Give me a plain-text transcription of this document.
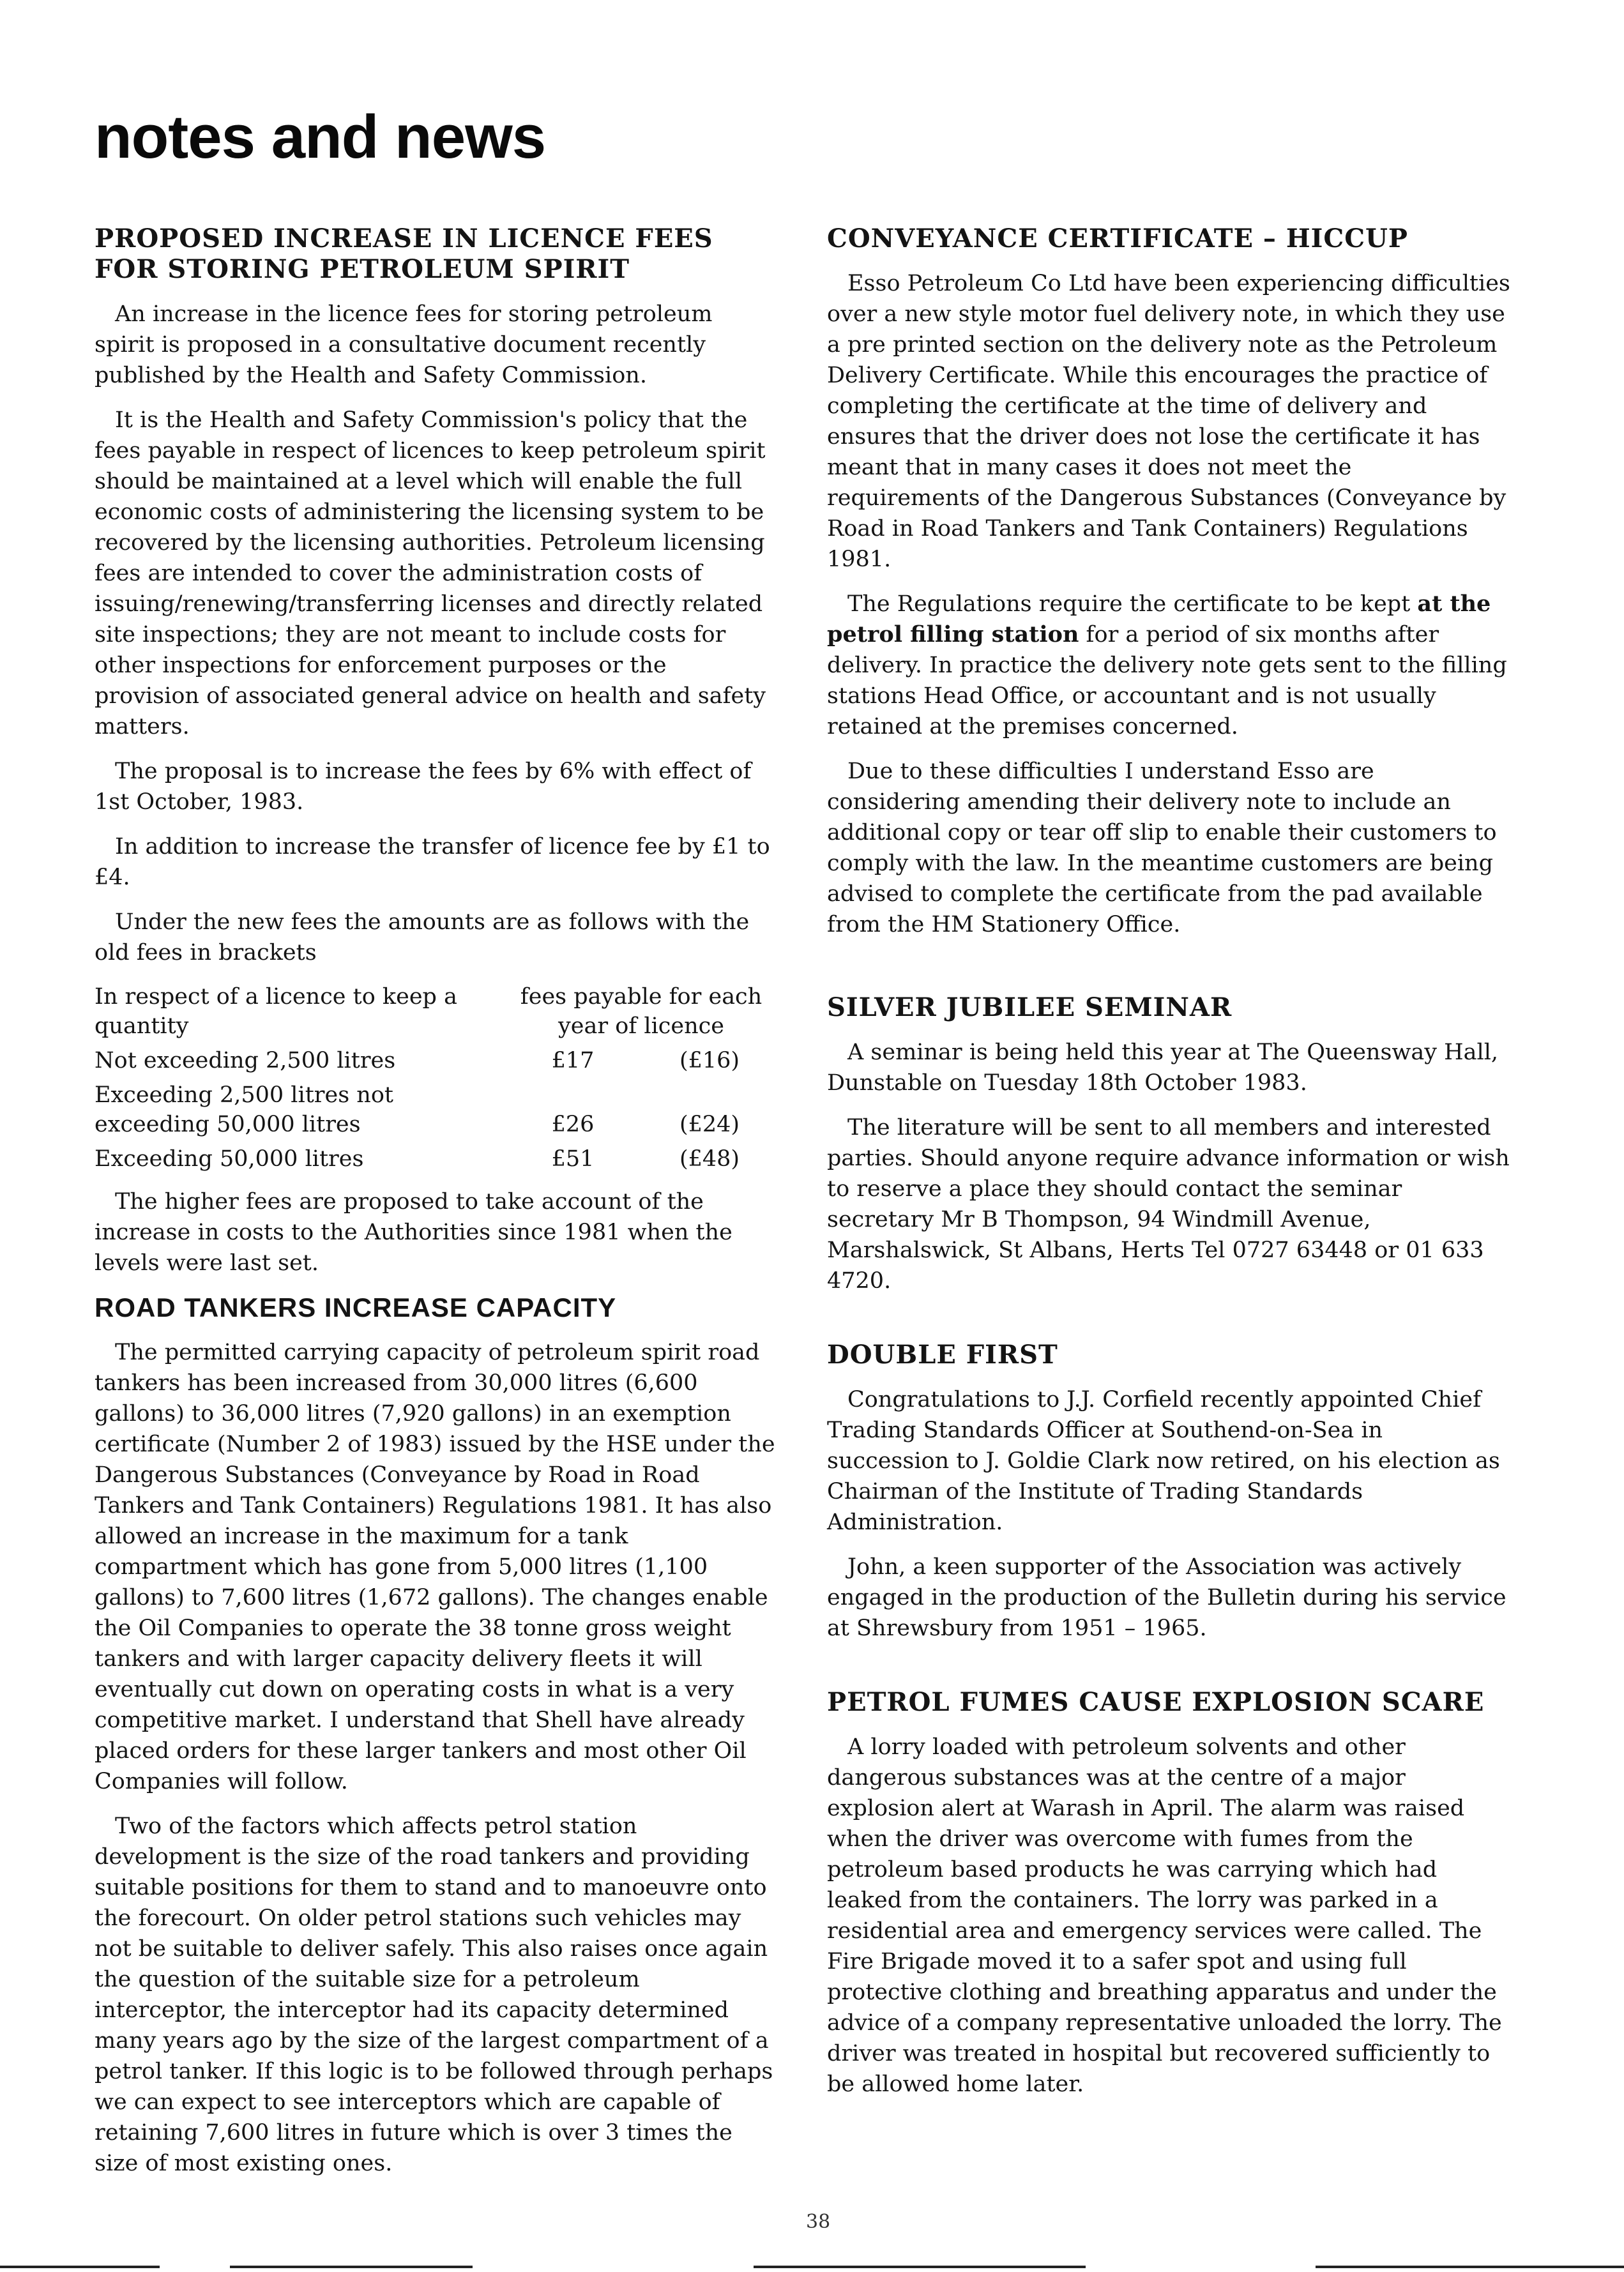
notes and news
PROPOSED INCREASE IN LICENCE FEES FOR STORING PETROLEUM SPIRIT

An increase in the licence fees for storing petroleum spirit is proposed in a consultative document recently published by the Health and Safety Commission.

It is the Health and Safety Commission's policy that the fees payable in respect of licences to keep petroleum spirit should be maintained at a level which will enable the full economic costs of administering the licensing system to be recovered by the licensing authorities. Petroleum licensing fees are intended to cover the administration costs of issuing/renewing/transferring licenses and directly related site inspections; they are not meant to include costs for other inspections for enforcement purposes or the provision of associated general advice on health and safety matters.

The proposal is to increase the fees by 6% with effect of 1st October, 1983.

In addition to increase the transfer of licence fee by £1 to £4.

Under the new fees the amounts are as follows with the old fees in brackets

In respect of a licence to keep a quantity	fees payable for each year of licence	
Not exceeding 2,500 litres	£17	(£16)
Exceeding 2,500 litres not exceeding 50,000 litres	£26	(£24)
Exceeding 50,000 litres	£51	(£48)

The higher fees are proposed to take account of the increase in costs to the Authorities since 1981 when the levels were last set.

ROAD TANKERS INCREASE CAPACITY

The permitted carrying capacity of petroleum spirit road tankers has been increased from 30,000 litres (6,600 gallons) to 36,000 litres (7,920 gallons) in an exemption certificate (Number 2 of 1983) issued by the HSE under the Dangerous Substances (Conveyance by Road in Road Tankers and Tank Containers) Regulations 1981. It has also allowed an increase in the maximum for a tank compartment which has gone from 5,000 litres (1,100 gallons) to 7,600 litres (1,672 gallons). The changes enable the Oil Companies to operate the 38 tonne gross weight tankers and with larger capacity delivery fleets it will eventually cut down on operating costs in what is a very competitive market. I understand that Shell have already placed orders for these larger tankers and most other Oil Companies will follow.

Two of the factors which affects petrol station development is the size of the road tankers and providing suitable positions for them to stand and to manoeuvre onto the forecourt. On older petrol stations such vehicles may not be suitable to deliver safely. This also raises once again the question of the suitable size for a petroleum interceptor, the interceptor had its capacity determined many years ago by the size of the largest compartment of a petrol tanker. If this logic is to be followed through perhaps we can expect to see interceptors which are capable of retaining 7,600 litres in future which is over 3 times the size of most existing ones.

CONVEYANCE CERTIFICATE – HICCUP

Esso Petroleum Co Ltd have been experiencing difficulties over a new style motor fuel delivery note, in which they use a pre printed section on the delivery note as the Petroleum Delivery Certificate. While this encourages the practice of completing the certificate at the time of delivery and ensures that the driver does not lose the certificate it has meant that in many cases it does not meet the requirements of the Dangerous Substances (Conveyance by Road in Road Tankers and Tank Containers) Regulations 1981.

The Regulations require the certificate to be kept at the petrol filling station for a period of six months after delivery. In practice the delivery note gets sent to the filling stations Head Office, or accountant and is not usually retained at the premises concerned.

Due to these difficulties I understand Esso are considering amending their delivery note to include an additional copy or tear off slip to enable their customers to comply with the law. In the meantime customers are being advised to complete the certificate from the pad available from the HM Stationery Office.

SILVER JUBILEE SEMINAR

A seminar is being held this year at The Queensway Hall, Dunstable on Tuesday 18th October 1983.

The literature will be sent to all members and interested parties. Should anyone require advance information or wish to reserve a place they should contact the seminar secretary Mr B Thompson, 94 Windmill Avenue, Marshalswick, St Albans, Herts Tel 0727 63448 or 01 633 4720.

DOUBLE FIRST

Congratulations to J.J. Corfield recently appointed Chief Trading Standards Officer at Southend-on-Sea in succession to J. Goldie Clark now retired, on his election as Chairman of the Institute of Trading Standards Administration.

John, a keen supporter of the Association was actively engaged in the production of the Bulletin during his service at Shrewsbury from 1951 – 1965.

PETROL FUMES CAUSE EXPLOSION SCARE

A lorry loaded with petroleum solvents and other dangerous substances was at the centre of a major explosion alert at Warash in April. The alarm was raised when the driver was overcome with fumes from the petroleum based products he was carrying which had leaked from the containers. The lorry was parked in a residential area and emergency services were called. The Fire Brigade moved it to a safer spot and using full protective clothing and breathing apparatus and under the advice of a company representative unloaded the lorry. The driver was treated in hospital but recovered sufficiently to be allowed home later.

38
